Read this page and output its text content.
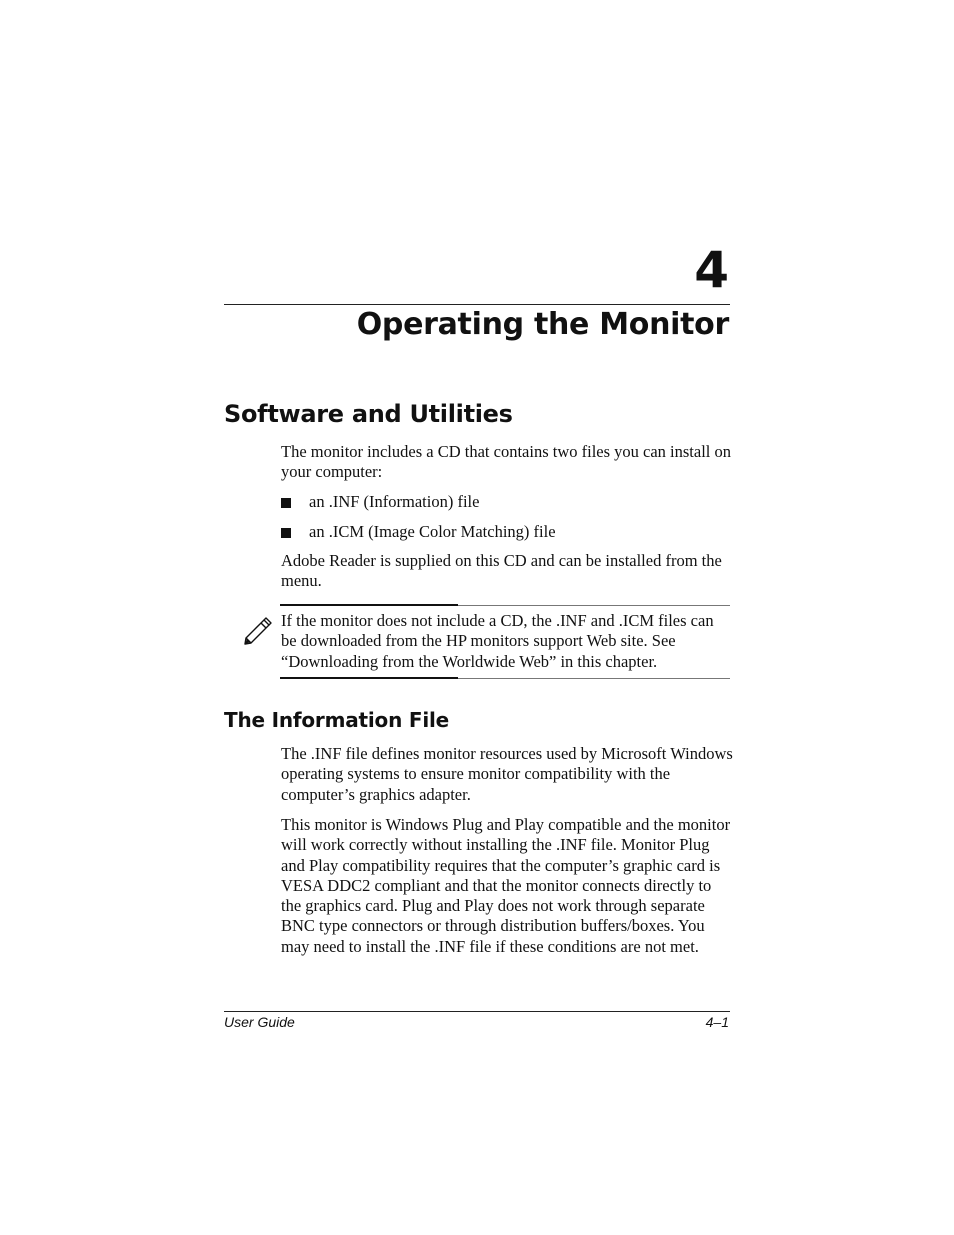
4
Operating the Monitor
Software and Utilities

The monitor includes a CD that contains two files you can install on your computer:

an .INF (Information) file
an .ICM (Image Color Matching) file

Adobe Reader is supplied on this CD and can be installed from the menu.

If the monitor does not include a CD, the .INF and .ICM files can be downloaded from the HP monitors support Web site. See “Downloading from the Worldwide Web” in this chapter.

The Information File

The .INF file defines monitor resources used by Microsoft Windows operating systems to ensure monitor compatibility with the computer’s graphics adapter.

This monitor is Windows Plug and Play compatible and the monitor will work correctly without installing the .INF file. Monitor Plug and Play compatibility requires that the computer’s graphic card is VESA DDC2 compliant and that the monitor connects directly to the graphics card. Plug and Play does not work through separate BNC type connectors or through distribution buffers/boxes. You may need to install the .INF file if these conditions are not met.

User Guide	4–1
